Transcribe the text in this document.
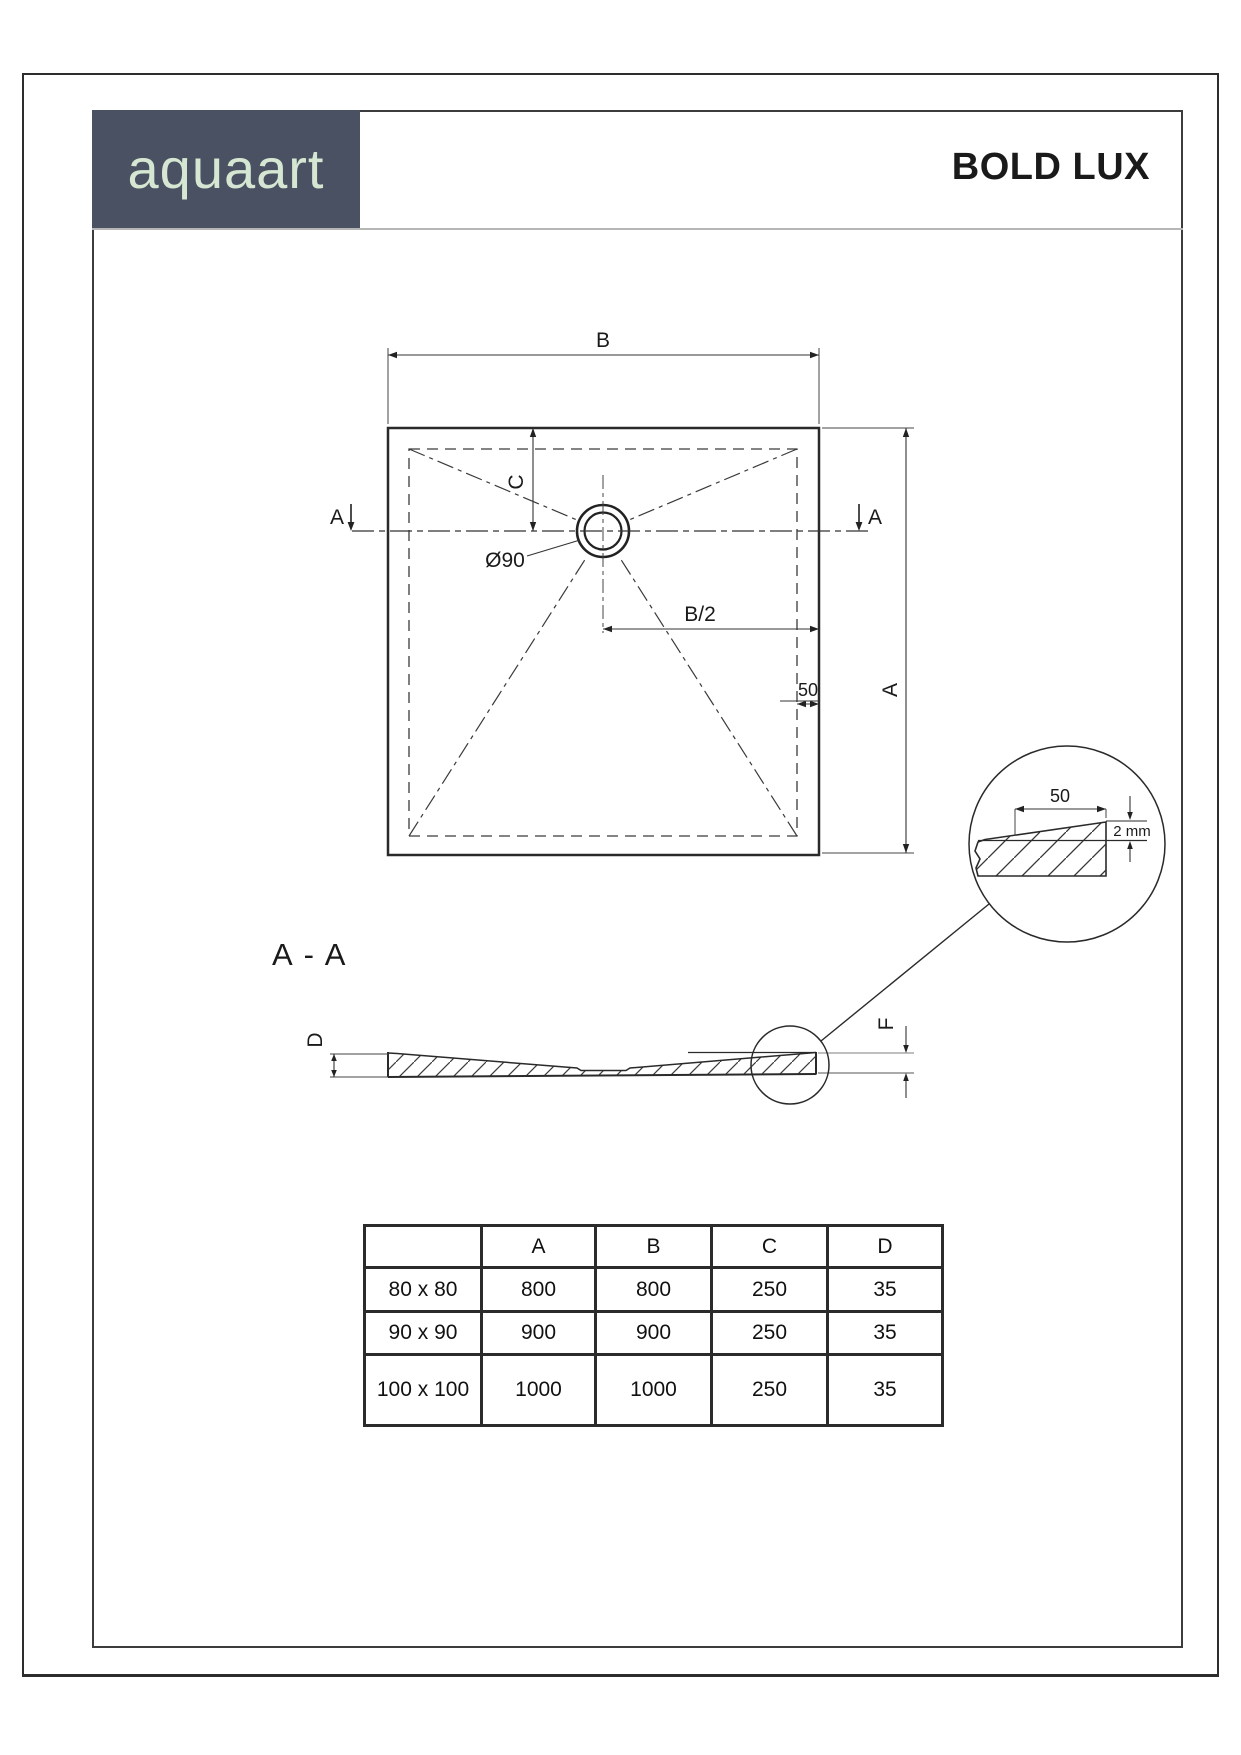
aquaart	BOLD LUX
B
C
B/2
Ø90
50
A	A
A
A - A
D
F
50
2 mm
	A	B	C	D
80 x 80	800	800	250	35
90 x 90	900	900	250	35
100 x 100	1000	1000	250	35
